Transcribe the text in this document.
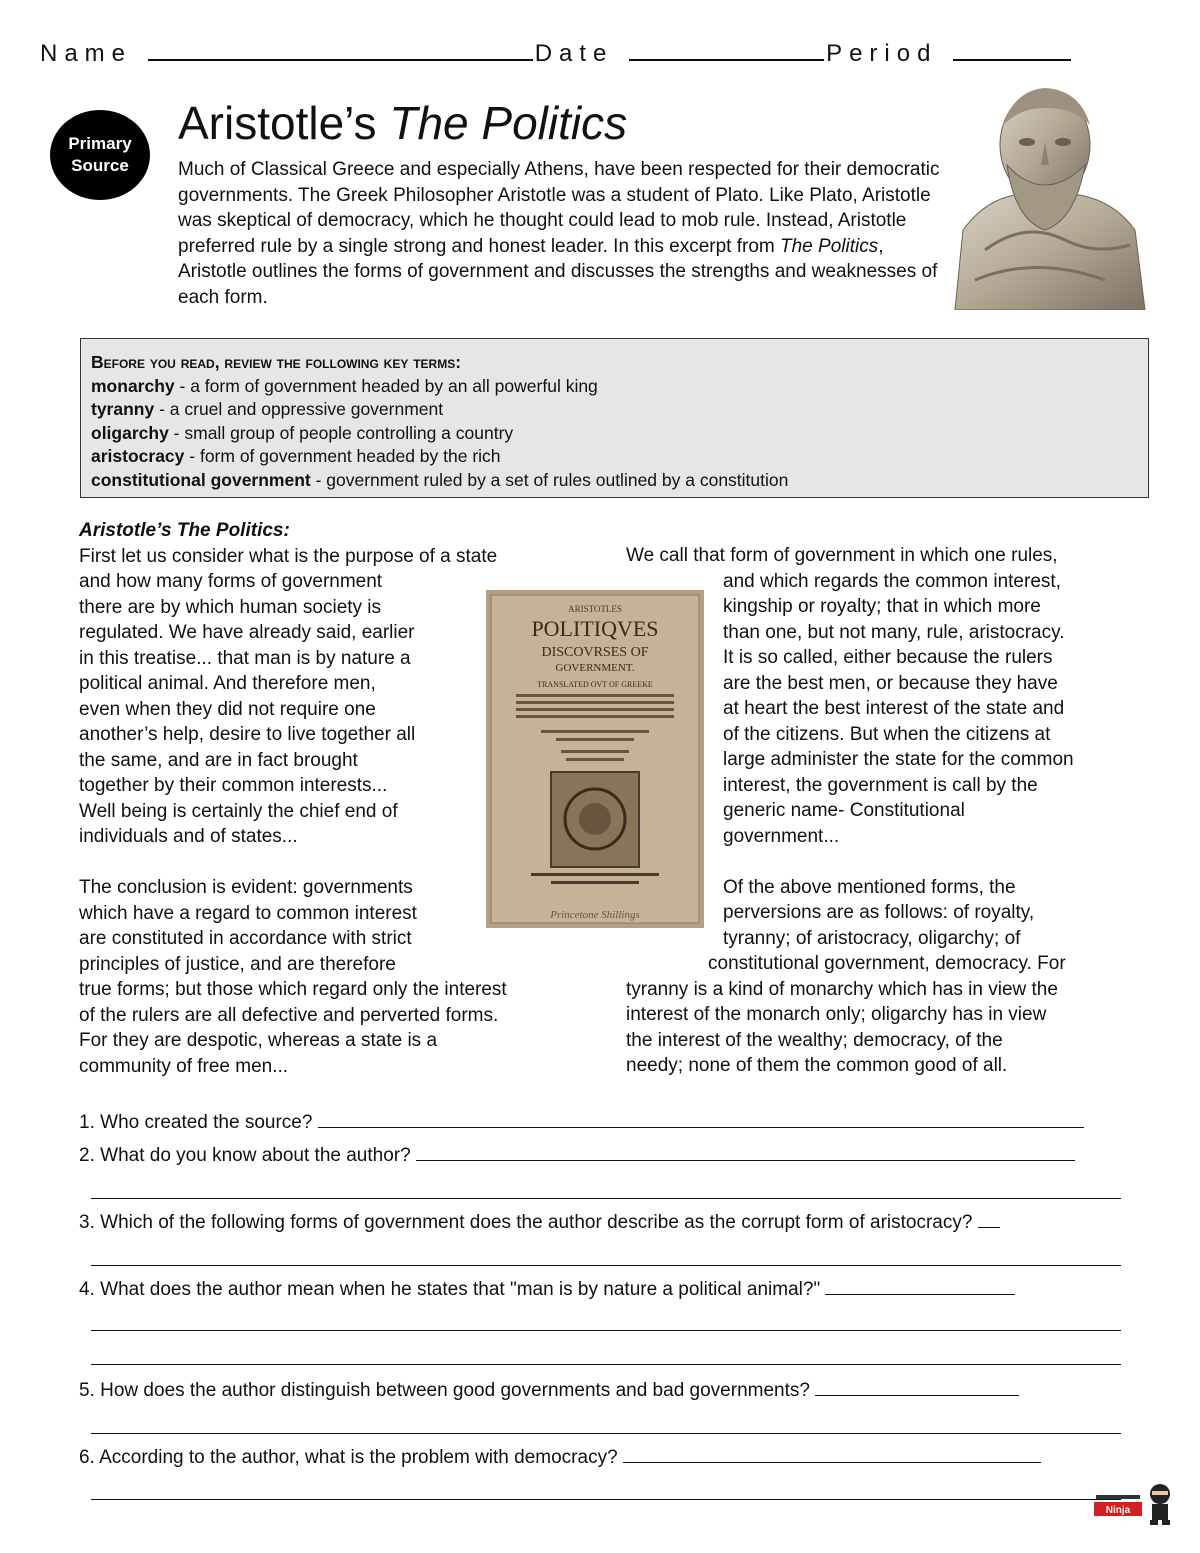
Name	Date	Period
Primary
Source
Aristotle’s The Politics
Much of Classical Greece and especially Athens, have been respected for their democratic governments. The Greek Philosopher Aristotle was a student of Plato. Like Plato, Aristotle was skeptical of democracy, which he thought could lead to mob rule. Instead, Aristotle preferred rule by a single strong and honest leader. In this excerpt from The Politics, Aristotle outlines the forms of government and discusses the strengths and weaknesses of each form.
Before you read, review the following key terms:
monarchy - a form of government headed by an all powerful king
tyranny - a cruel and oppressive government
oligarchy - small group of people controlling a country
aristocracy - form of government headed by the rich
constitutional government - government ruled by a set of rules outlined by a constitution

Aristotle’s The Politics:

First let us consider what is the purpose of a state

and how many forms of government

there are by which human society is

regulated. We have already said, earlier

in this treatise... that man is by nature a

political animal. And therefore men,

even when they did not require one

another’s help, desire to live together all

the same, and are in fact brought

together by their common interests...

Well being is certainly the chief end of

individuals and of states...

The conclusion is evident: governments

which have a regard to common interest

are constituted in accordance with strict

principles of justice, and are therefore

true forms; but those which regard only the interest

of the rulers are all defective and perverted forms.

For they are despotic, whereas a state is a

community of free men...

We call that form of government in which one rules,

and which regards the common interest,

kingship or royalty; that in which more

than one, but not many, rule, aristocracy.

It is so called, either because the rulers

are the best men, or because they have

at heart the best interest of the state and

of the citizens. But when the citizens at

large administer the state for the common

interest, the government is call by the

generic name- Constitutional

government...

Of the above mentioned forms, the

perversions are as follows: of royalty,

tyranny; of aristocracy, oligarchy; of

constitutional government, democracy. For

tyranny is a kind of monarchy which has in view the

interest of the monarch only; oligarchy has in view

the interest of the wealthy; democracy, of the

needy; none of them the common good of all.

ARISTOTLES
POLITIQVES
DISCOVRSES OF
GOVERNMENT.
TRANSLATED OVT OF GREEKE
Princetone Shillings
1. Who created the source?
2. What do you know about the author?
3. Which of the following forms of government does the author describe as the corrupt form of aristocracy?
4. What does the author mean when he states that "man is by nature a political animal?"
5. How does the author distinguish between good governments and bad governments?
6. According to the author, what is the problem with democracy?
Ninja
